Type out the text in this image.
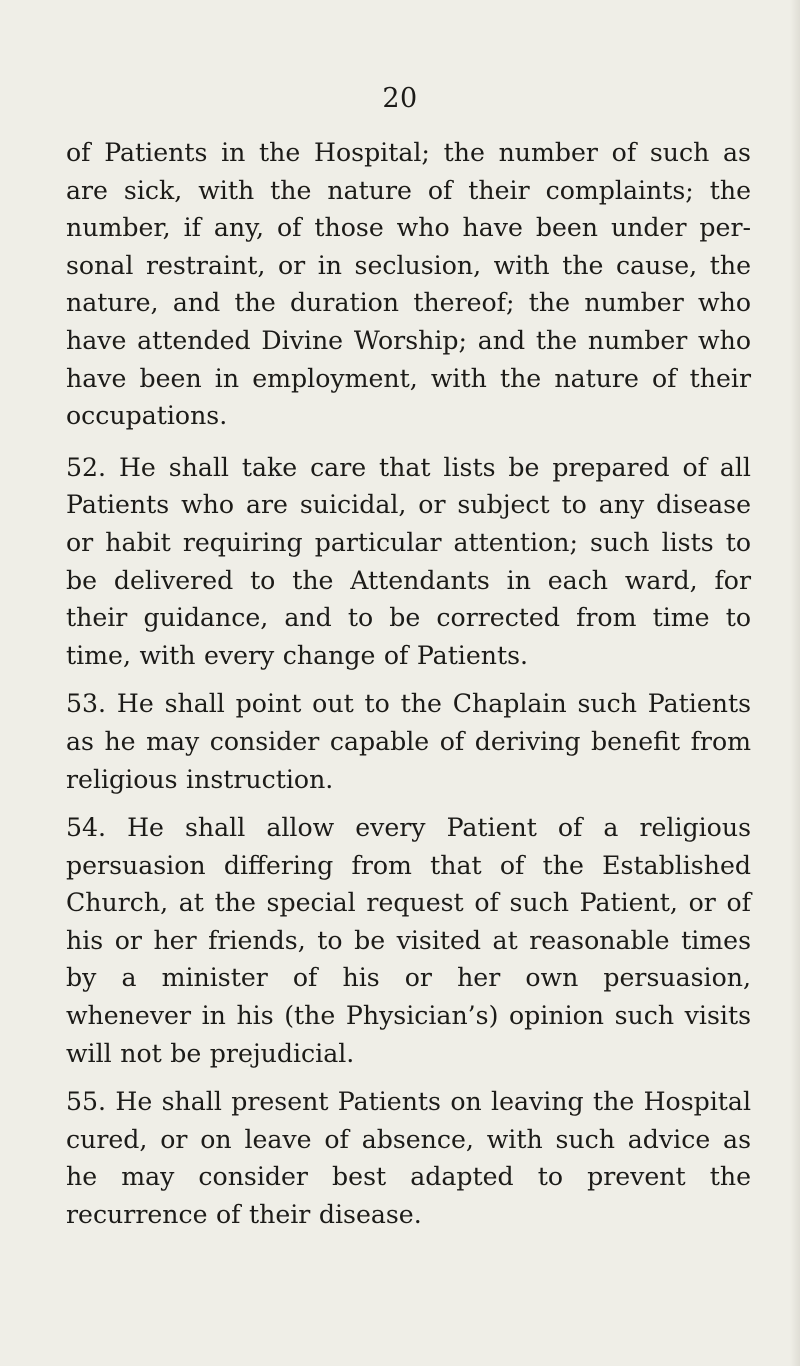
20

of Patients in the Hospital; the number of such as are sick, with the nature of their complaints; the number, if any, of those who have been under per-sonal restraint, or in seclusion, with the cause, the nature, and the duration thereof; the number who have attended Divine Worship; and the number who have been in employment, with the nature of their occupations.

52. He shall take care that lists be prepared of all Patients who are suicidal, or subject to any disease or habit requiring particular attention; such lists to be delivered to the Attendants in each ward, for their guidance, and to be corrected from time to time, with every change of Patients.

53. He shall point out to the Chaplain such Patients as he may consider capable of deriving benefit from religious instruction.

54. He shall allow every Patient of a religious persuasion differing from that of the Established Church, at the special request of such Patient, or of his or her friends, to be visited at reasonable times by a minister of his or her own persuasion, whenever in his (the Physician’s) opinion such visits will not be prejudicial.

55. He shall present Patients on leaving the Hospital cured, or on leave of absence, with such advice as he may consider best adapted to prevent the recurrence of their disease.
